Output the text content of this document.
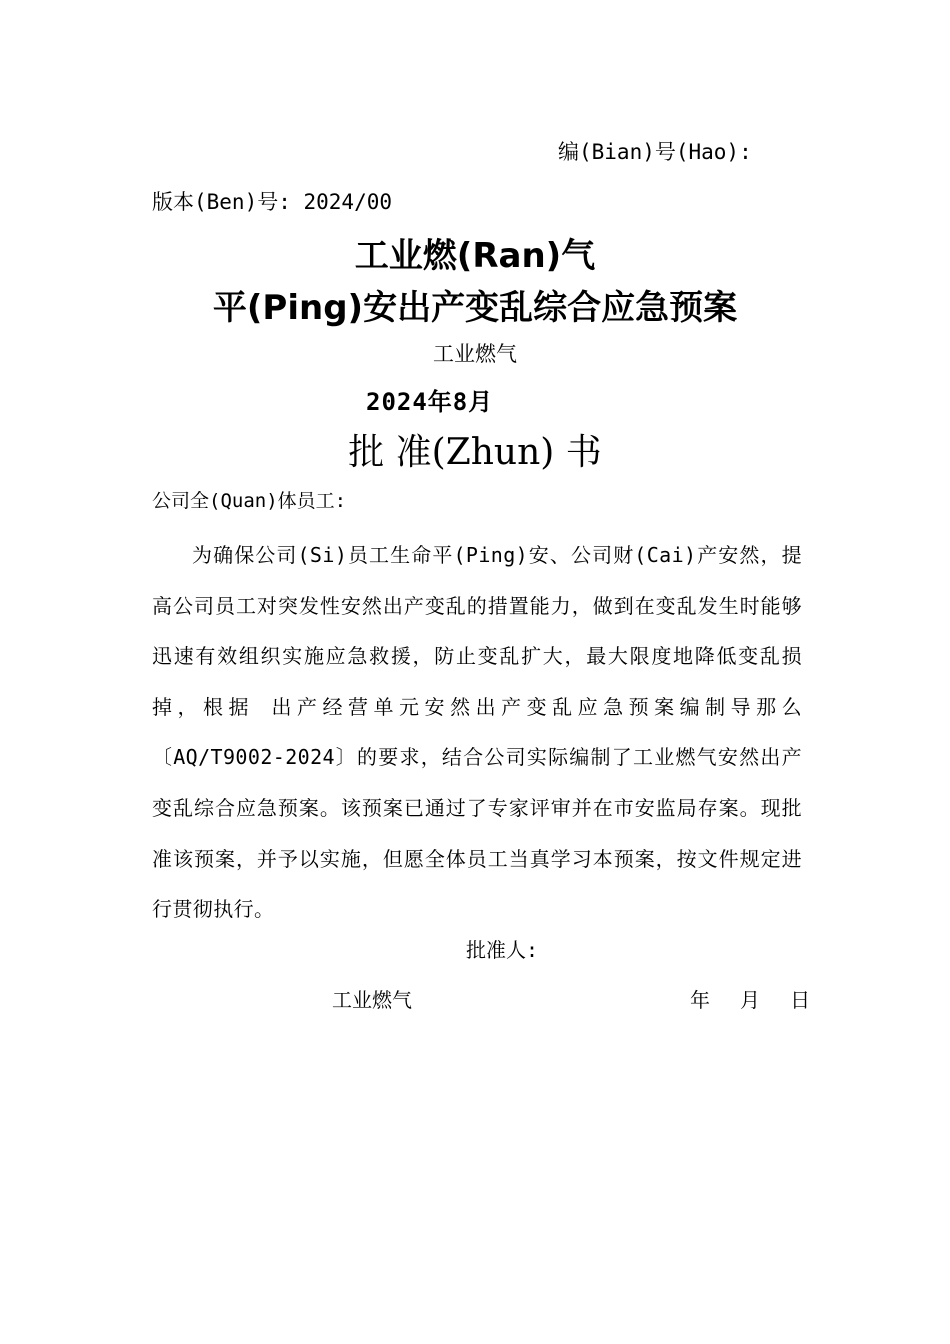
编(Bian)号(Hao):
版本(Ben)号: 2024/00
工业燃(Ran)气
平(Ping)安出产变乱综合应急预案
工业燃气
2024年8月
批 准(Zhun) 书
公司全(Quan)体员工:
为确保公司(Si)员工生命平(Ping)安、公司财(Cai)产安然，提高公司员工对突发性安然出产变乱的措置能力，做到在变乱发生时能够迅速有效组织实施应急救援，防止变乱扩大，最大限度地降低变乱损掉，根据 出产经营单元安然出产变乱应急预案编制导那么〔AQ/T9002-2024〕的要求，结合公司实际编制了工业燃气安然出产变乱综合应急预案。该预案已通过了专家评审并在市安监局存案。现批准该预案，并予以实施，但愿全体员工当真学习本预案，按文件规定进行贯彻执行。
批准人:
工业燃气	年 月 日
